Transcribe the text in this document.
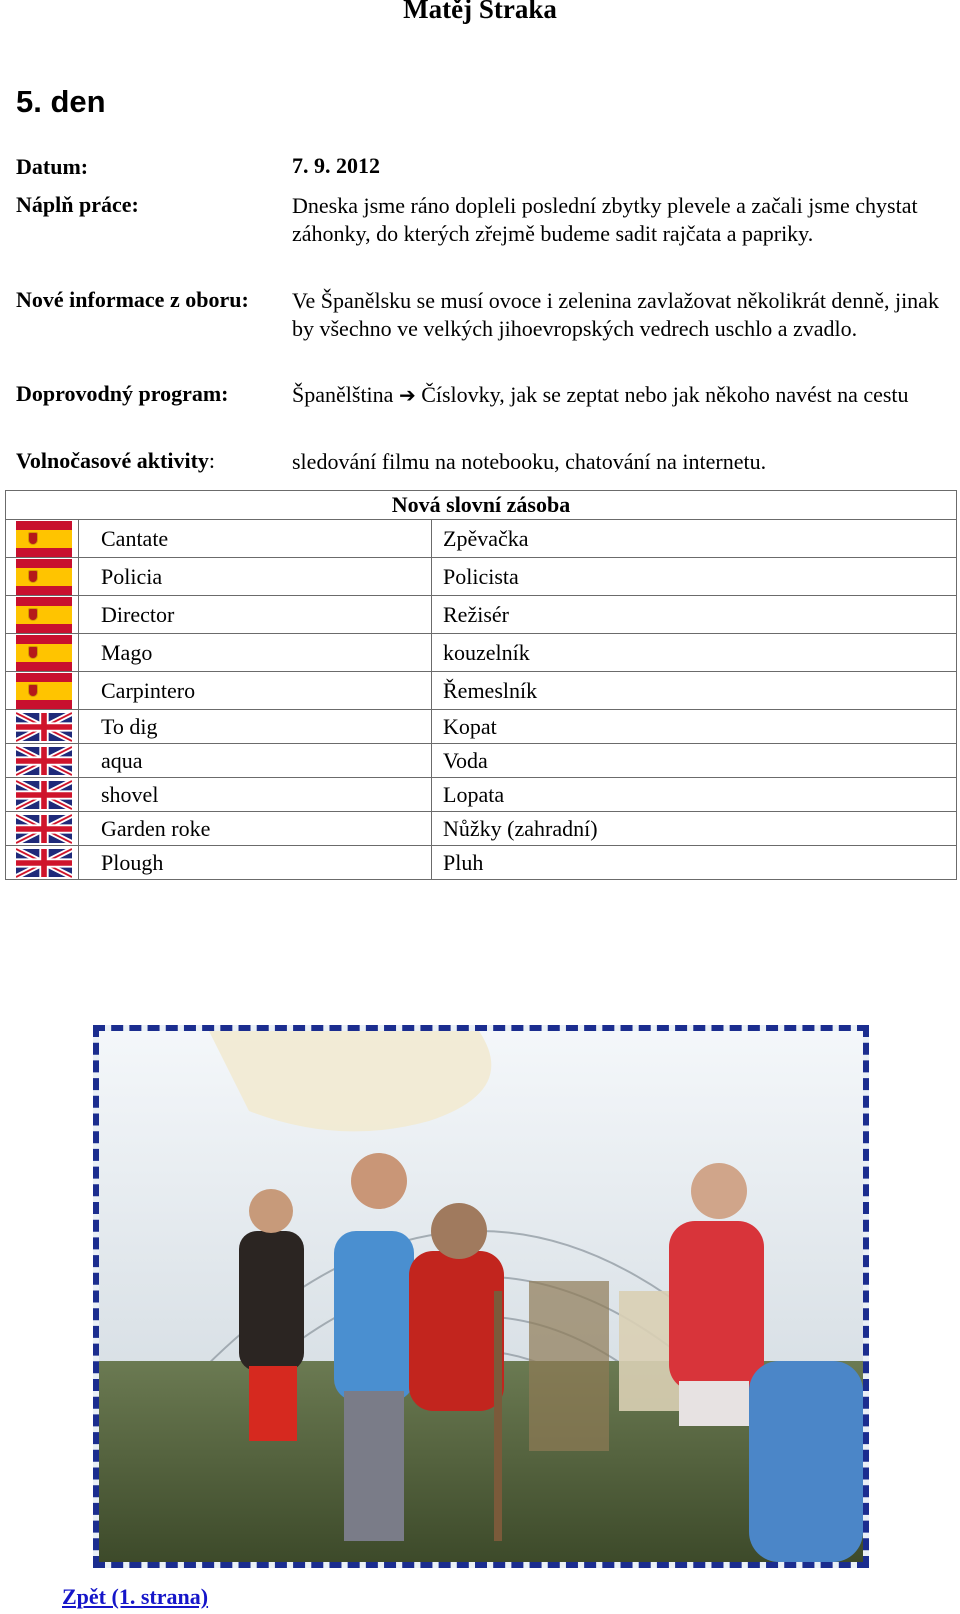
Matěj Straka
5. den
Datum:	7. 9. 2012
Náplň práce:	Dneska jsme ráno dopleli poslední zbytky plevele a začali jsme chystat záhonky, do kterých zřejmě budeme sadit rajčata a papriky.
Nové informace z oboru: Ve Španělsku se musí ovoce i zelenina zavlažovat několikrát denně, jinak by všechno ve velkých jihoevropských vedrech uschlo a zvadlo.
Doprovodný program:	Španělština ➔ Číslovky, jak se zeptat nebo jak někoho navést na cestu
Volnočasové aktivity:	sledování filmu na notebooku, chatování na internetu.
Nová slovní zásoba		

	Cantate	Zpěvačka

	Policia	Policista

	Director	Režisér

	Mago	kouzelník

	Carpintero	Řemeslník

	To dig	Kopat

	aqua	Voda

	shovel	Lopata

	Garden roke	Nůžky (zahradní)

	Plough	Pluh
Zpět (1. strana)
